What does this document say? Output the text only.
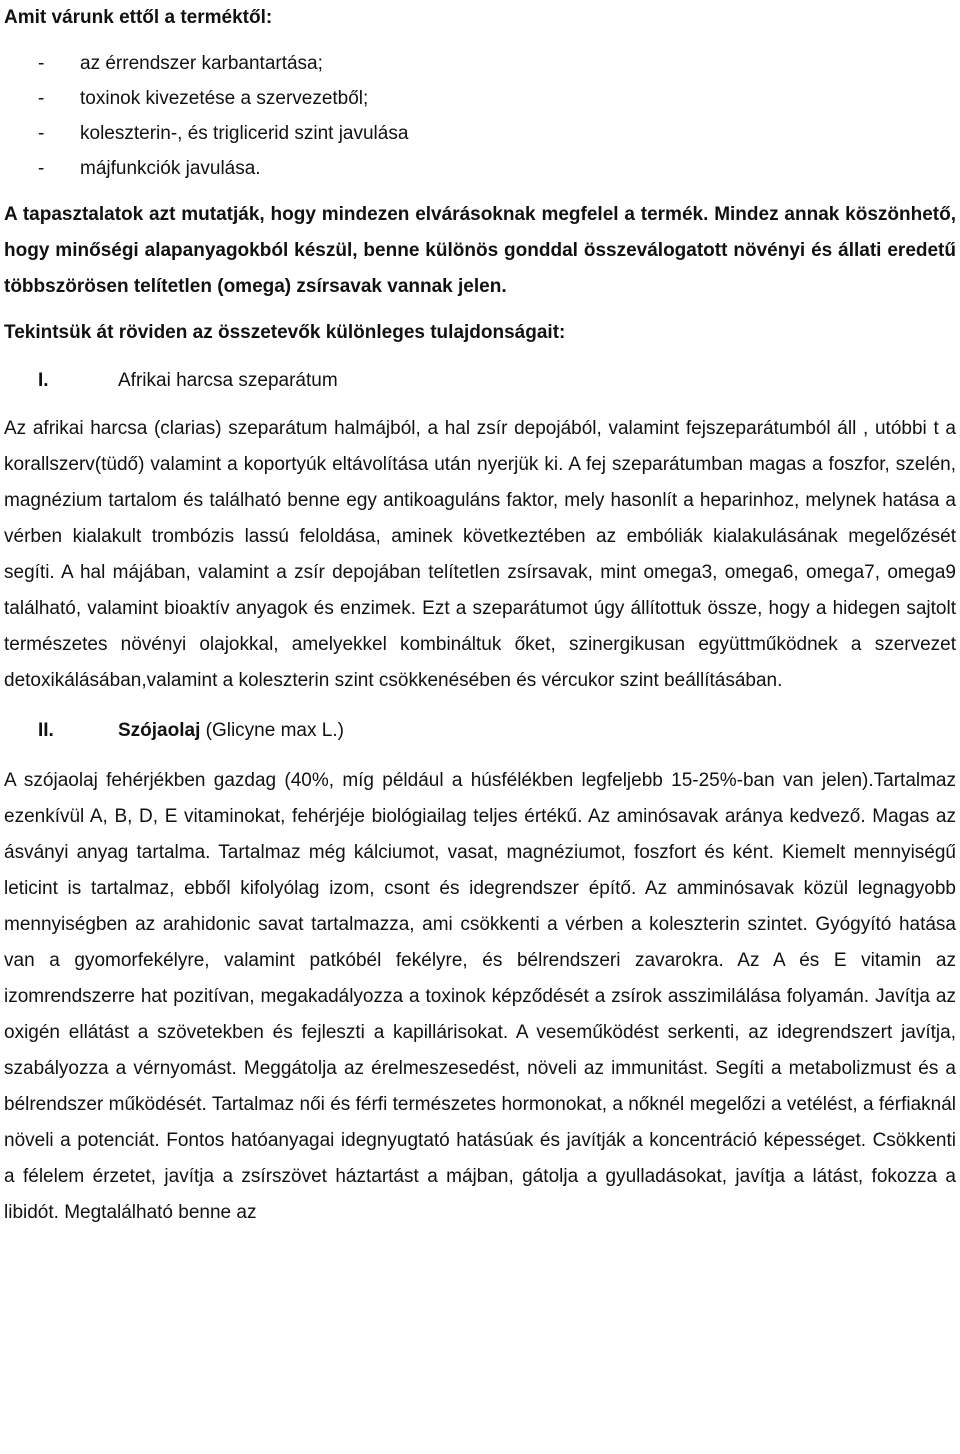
Amit várunk ettől a terméktől:
- az érrendszer karbantartása;
- toxinok kivezetése a szervezetből;
- koleszterin-, és triglicerid szint javulása
- májfunkciók javulása.

A tapasztalatok azt mutatják, hogy mindezen elvárásoknak megfelel a termék. Mindez annak köszönhető, hogy minőségi alapanyagokból készül, benne különös gonddal összeválogatott növényi és állati eredetű többszörösen telítetlen (omega) zsírsavak vannak jelen.

Tekintsük át röviden az összetevők különleges tulajdonságait:

I.	Afrikai harcsa szeparátum

Az afrikai harcsa (clarias) szeparátum halmájból, a hal zsír depojából, valamint fejszeparátumból áll , utóbbi t a korallszerv(tüdő) valamint a koportyúk eltávolítása után nyerjük ki. A fej szeparátumban magas a foszfor, szelén, magnézium tartalom és található benne egy antikoaguláns faktor, mely hasonlít a heparinhoz, melynek hatása a vérben kialakult trombózis lassú feloldása, aminek következtében az embóliák kialakulásának megelőzését segíti. A hal májában, valamint a zsír depojában telítetlen zsírsavak, mint omega3, omega6, omega7, omega9 található, valamint bioaktív anyagok és enzimek. Ezt a szeparátumot úgy állítottuk össze, hogy a hidegen sajtolt természetes növényi olajokkal, amelyekkel kombináltuk őket, szinergikusan együttműködnek a szervezet detoxikálásában,valamint a koleszterin szint csökkenésében és vércukor szint beállításában.

II.	Szójaolaj (Glicyne max L.)

A szójaolaj fehérjékben gazdag (40%, míg például a húsfélékben legfeljebb 15-25%-ban van jelen).Tartalmaz ezenkívül A, B, D, E vitaminokat, fehérjéje biológiailag teljes értékű. Az aminósavak aránya kedvező. Magas az ásványi anyag tartalma. Tartalmaz még kálciumot, vasat, magnéziumot, foszfort és ként. Kiemelt mennyiségű leticint is tartalmaz, ebből kifolyólag izom, csont és idegrendszer építő. Az amminósavak közül legnagyobb mennyiségben az arahidonic savat tartalmazza, ami csökkenti a vérben a koleszterin szintet. Gyógyító hatása van a gyomorfekélyre, valamint patkóbél fekélyre, és bélrendszeri zavarokra. Az A és E vitamin az izomrendszerre hat pozitívan, megakadályozza a toxinok képződését a zsírok asszimilálása folyamán. Javítja az oxigén ellátást a szövetekben és fejleszti a kapillárisokat. A veseműködést serkenti, az idegrendszert javítja, szabályozza a vérnyomást. Meggátolja az érelmeszesedést, növeli az immunitást. Segíti a metabolizmust és a bélrendszer működését. Tartalmaz női és férfi természetes hormonokat, a nőknél megelőzi a vetélést, a férfiaknál növeli a potenciát. Fontos hatóanyagai idegnyugtató hatásúak és javítják a koncentráció képességet. Csökkenti a félelem érzetet, javítja a zsírszövet háztartást a májban, gátolja a gyulladásokat, javítja a látást, fokozza a libidót. Megtalálható benne az
